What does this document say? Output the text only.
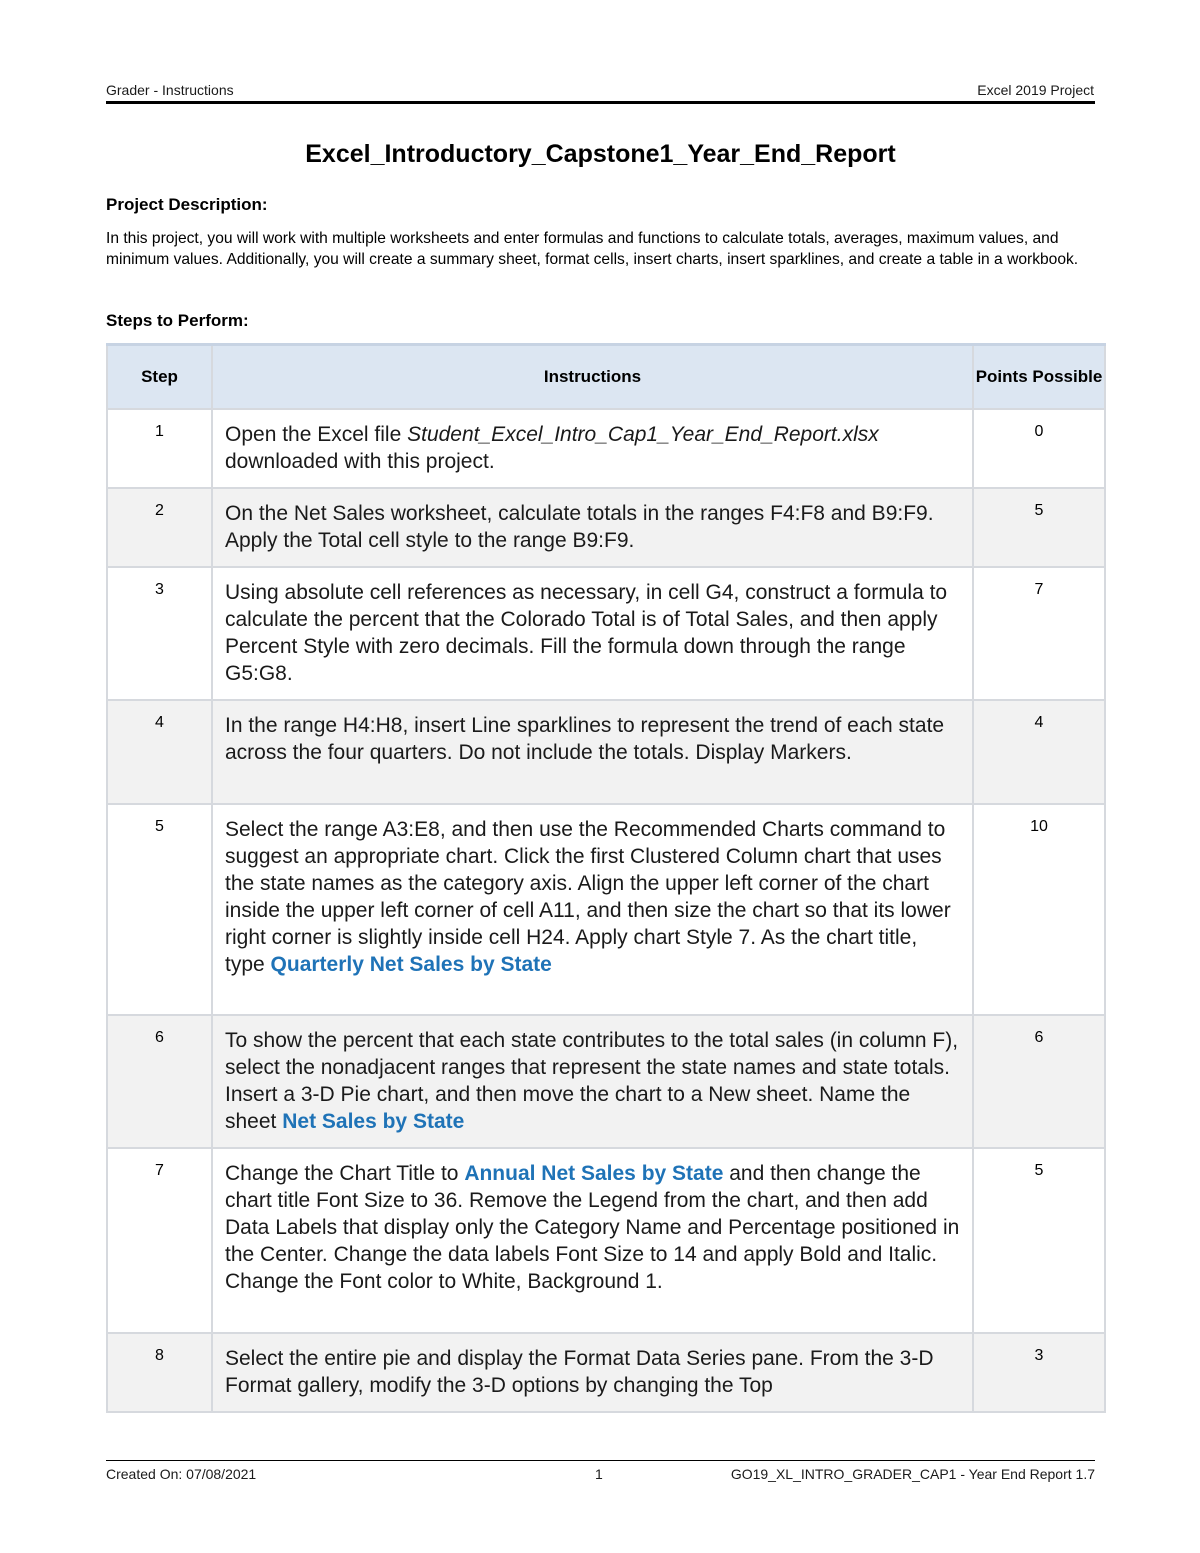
Grader - Instructions	Excel 2019 Project
Excel_Introductory_Capstone1_Year_End_Report
Project Description:
In this project, you will work with multiple worksheets and enter formulas and functions to calculate totals, averages, maximum values, and minimum values. Additionally, you will create a summary sheet, format cells, insert charts, insert sparklines, and create a table in a workbook.
Steps to Perform:
Step	Instructions	Points Possible
1	Open the Excel file Student_Excel_Intro_Cap1_Year_End_Report.xlsx downloaded with this project.	0
2	On the Net Sales worksheet, calculate totals in the ranges F4:F8 and B9:F9. Apply the Total cell style to the range B9:F9.	5
3	Using absolute cell references as necessary, in cell G4, construct a formula to calculate the percent that the Colorado Total is of Total Sales, and then apply Percent Style with zero decimals. Fill the formula down through the range G5:G8.	7
4	In the range H4:H8, insert Line sparklines to represent the trend of each state across the four quarters. Do not include the totals. Display Markers.	4
5	Select the range A3:E8, and then use the Recommended Charts command to suggest an appropriate chart. Click the first Clustered Column chart that uses the state names as the category axis. Align the upper left corner of the chart inside the upper left corner of cell A11, and then size the chart so that its lower right corner is slightly inside cell H24. Apply chart Style 7. As the chart title, type Quarterly Net Sales by State	10
6	To show the percent that each state contributes to the total sales (in column F), select the nonadjacent ranges that represent the state names and state totals. Insert a 3-D Pie chart, and then move the chart to a New sheet. Name the sheet Net Sales by State	6
7	Change the Chart Title to Annual Net Sales by State and then change the chart title Font Size to 36. Remove the Legend from the chart, and then add Data Labels that display only the Category Name and Percentage positioned in the Center. Change the data labels Font Size to 14 and apply Bold and Italic. Change the Font color to White, Background 1.	5
8	Select the entire pie and display the Format Data Series pane. From the 3-D Format gallery, modify the 3-D options by changing the Top	3
Created On: 07/08/2021	1	GO19_XL_INTRO_GRADER_CAP1 - Year End Report 1.7
